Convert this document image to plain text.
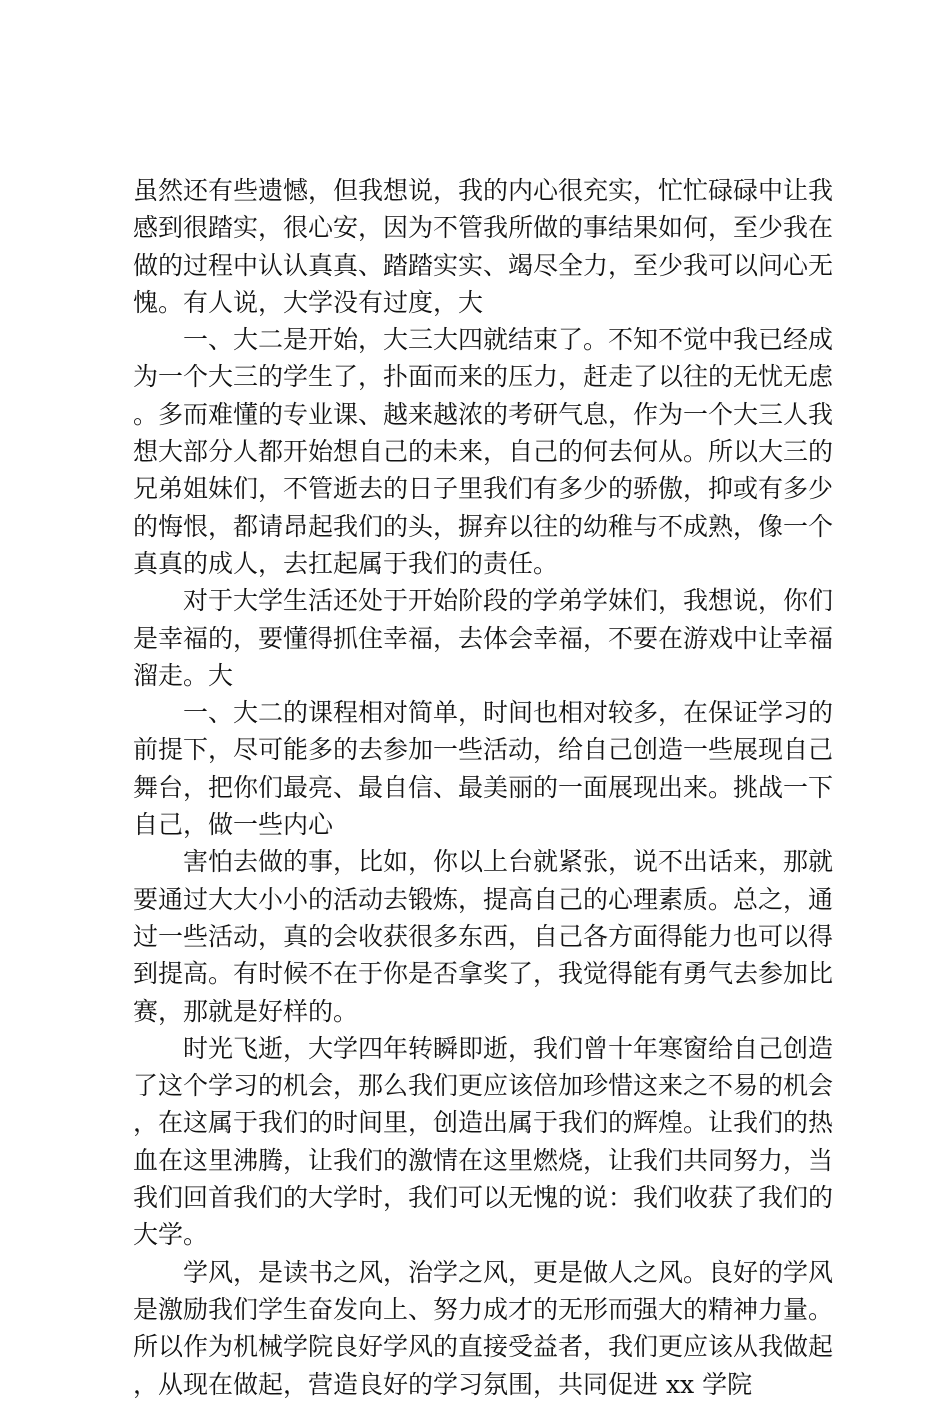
虽然还有些遗憾，但我想说，我的内心很充实，忙忙碌碌中让我感到很踏实，很心安，因为不管我所做的事结果如何，至少我在做的过程中认认真真、踏踏实实、竭尽全力，至少我可以问心无愧。有人说，大学没有过度，大

一、大二是开始，大三大四就结束了。不知不觉中我已经成为一个大三的学生了，扑面而来的压力，赶走了以往的无忧无虑。多而难懂的专业课、越来越浓的考研气息，作为一个大三人我想大部分人都开始想自己的未来，自己的何去何从。所以大三的兄弟姐妹们，不管逝去的日子里我们有多少的骄傲，抑或有多少的悔恨，都请昂起我们的头，摒弃以往的幼稚与不成熟，像一个真真的成人，去扛起属于我们的责任。

对于大学生活还处于开始阶段的学弟学妹们，我想说，你们是幸福的，要懂得抓住幸福，去体会幸福，不要在游戏中让幸福溜走。大

一、大二的课程相对简单，时间也相对较多，在保证学习的前提下，尽可能多的去参加一些活动，给自己创造一些展现自己舞台，把你们最亮、最自信、最美丽的一面展现出来。挑战一下自己，做一些内心

害怕去做的事，比如，你以上台就紧张，说不出话来，那就要通过大大小小的活动去锻炼，提高自己的心理素质。总之，通过一些活动，真的会收获很多东西，自己各方面得能力也可以得到提高。有时候不在于你是否拿奖了，我觉得能有勇气去参加比赛，那就是好样的。

时光飞逝，大学四年转瞬即逝，我们曾十年寒窗给自己创造了这个学习的机会，那么我们更应该倍加珍惜这来之不易的机会，在这属于我们的时间里，创造出属于我们的辉煌。让我们的热血在这里沸腾，让我们的激情在这里燃烧，让我们共同努力，当我们回首我们的大学时，我们可以无愧的说：我们收获了我们的大学。

学风，是读书之风，治学之风，更是做人之风。良好的学风是激励我们学生奋发向上、努力成才的无形而强大的精神力量。所以作为机械学院良好学风的直接受益者，我们更应该从我做起，从现在做起，营造良好的学习氛围，共同促进 xx 学院
